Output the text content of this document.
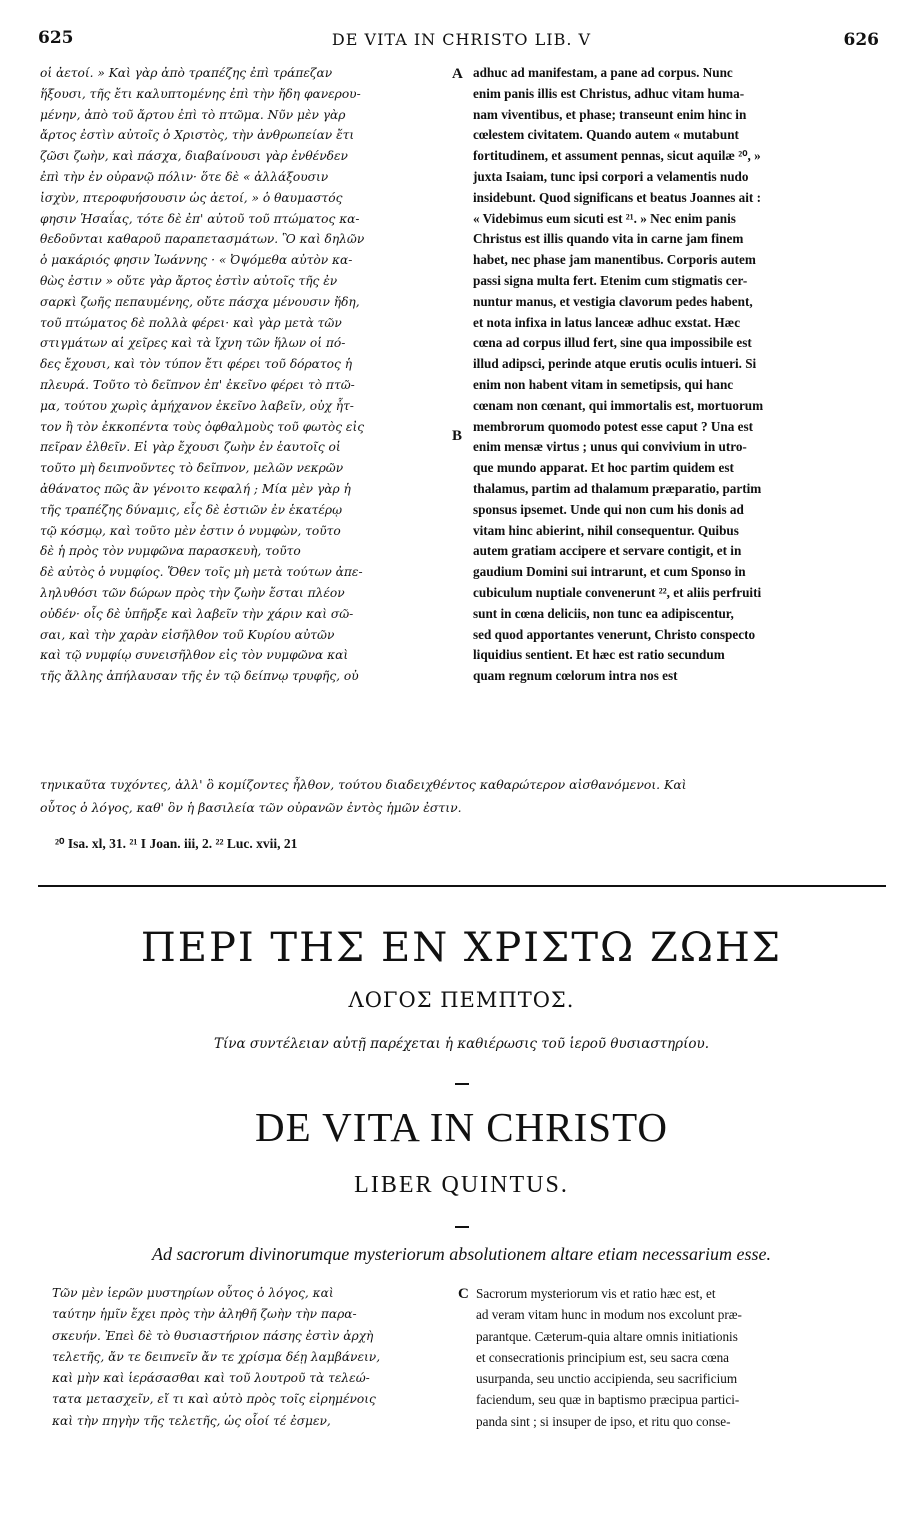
625	DE VITA IN CHRISTO LIB. V	626
οἱ ἀετοί. » Καὶ γὰρ ἀπὸ τραπέζης ἐπὶ τράπεζαν
ἥξουσι, τῆς ἔτι καλυπτομένης ἐπὶ τὴν ἤδη φανερου-
μένην, ἀπὸ τοῦ ἄρτου ἐπὶ τὸ πτῶμα. Νῦν μὲν γὰρ
ἄρτος ἐστὶν αὐτοῖς ὁ Χριστὸς, τὴν ἀνθρωπείαν ἔτι
ζῶσι ζωὴν, καὶ πάσχα, διαβαίνουσι γὰρ ἐνθένδεν
ἐπὶ τὴν ἐν οὐρανῷ πόλιν· ὅτε δὲ « ἀλλάξουσιν
ἰσχὺν, πτεροφυήσουσιν ὡς ἀετοί, » ὁ θαυμαστός
φησιν Ἡσαΐας, τότε δὲ ἐπ' αὐτοῦ τοῦ πτώματος κα-
θεδοῦνται καθαροῦ παραπετασμάτων. Ὃ καὶ δηλῶν
ὁ μακάριός φησιν Ἰωάννης · « Ὀψόμεθα αὐτὸν κα-
θὼς ἐστιν » οὔτε γὰρ ἄρτος ἐστὶν αὐτοῖς τῆς ἐν
σαρκὶ ζωῆς πεπαυμένης, οὔτε πάσχα μένουσιν ἤδη,
τοῦ πτώματος δὲ πολλὰ φέρει· καὶ γὰρ μετὰ τῶν
στιγμάτων αἱ χεῖρες καὶ τὰ ἴχνη τῶν ἥλων οἱ πό-
δες ἔχουσι, καὶ τὸν τύπον ἔτι φέρει τοῦ δόρατος ἡ
πλευρά. Τοῦτο τὸ δεῖπνον ἐπ' ἐκεῖνο φέρει τὸ πτῶ-
μα, τούτου χωρὶς ἀμήχανον ἐκεῖνο λαβεῖν, οὐχ ἧτ-
τον ἢ τὸν ἐκκοπέντα τοὺς ὀφθαλμοὺς τοῦ φωτὸς εἰς
πεῖραν ἐλθεῖν. Εἰ γὰρ ἔχουσι ζωὴν ἐν ἑαυτοῖς οἱ
τοῦτο μὴ δειπνοῦντες τὸ δεῖπνον, μελῶν νεκρῶν
ἀθάνατος πῶς ἂν γένοιτο κεφαλή ; Μία μὲν γὰρ ἡ
τῆς τραπέζης δύναμις, εἷς δὲ ἑστιῶν ἐν ἑκατέρῳ
τῷ κόσμῳ, καὶ τοῦτο μὲν ἐστιν ὁ νυμφὼν, τοῦτο
δὲ ἡ πρὸς τὸν νυμφῶνα παρασκευὴ, τοῦτο
δὲ αὐτὸς ὁ νυμφίος. Ὅθεν τοῖς μὴ μετὰ τούτων ἀπε-
ληλυθόσι τῶν δώρων πρὸς τὴν ζωὴν ἔσται πλέον
οὐδέν· οἷς δὲ ὑπῆρξε καὶ λαβεῖν τὴν χάριν καὶ σῶ-
σαι, καὶ τὴν χαρὰν εἰσῆλθον τοῦ Κυρίου αὐτῶν
καὶ τῷ νυμφίῳ συνεισῆλθον εἰς τὸν νυμφῶνα καὶ
τῆς ἄλλης ἀπήλαυσαν τῆς ἐν τῷ δείπνῳ τρυφῆς, οὐ
adhuc ad manifestam, a pane ad corpus. Nunc
enim panis illis est Christus, adhuc vitam huma-
nam viventibus, et phase; transeunt enim hinc in
cœlestem civitatem. Quando autem « mutabunt
fortitudinem, et assument pennas, sicut aquilæ ²⁰, »
juxta Isaiam, tunc ipsi corpori a velamentis nudo
insidebunt. Quod significans et beatus Joannes ait :
« Videbimus eum sicuti est ²¹. » Nec enim panis
Christus est illis quando vita in carne jam finem
habet, nec phase jam manentibus. Corporis autem
passi signa multa fert. Etenim cum stigmatis cer-
nuntur manus, et vestigia clavorum pedes habent,
et nota infixa in latus lanceæ adhuc exstat. Hæc
cœna ad corpus illud fert, sine qua impossibile est
illud adipsci, perinde atque erutis oculis intueri. Si
enim non habent vitam in semetipsis, qui hanc
cœnam non cœnant, qui immortalis est, mortuorum
membrorum quomodo potest esse caput ? Una est
enim mensæ virtus ; unus qui convivium in utro-
que mundo apparat. Et hoc partim quidem est
thalamus, partim ad thalamum præparatio, partim
sponsus ipsemet. Unde qui non cum his donis ad
vitam hinc abierint, nihil consequentur. Quibus
autem gratiam accipere et servare contigit, et in
gaudium Domini sui intrarunt, et cum Sponso in
cubiculum nuptiale convenerunt ²², et aliis perfruiti
sunt in cœna deliciis, non tunc ea adipiscentur,
sed quod apportantes venerunt, Christo conspecto
liquidius sentient. Et hæc est ratio secundum
quam regnum cœlorum intra nos est
A
B
τηνικαῦτα τυχόντες, ἀλλ' ὃ κομίζοντες ἦλθον, τούτου διαδειχθέντος καθαρώτερον αἰσθανόμενοι. Καὶ
οὗτος ὁ λόγος, καθ' ὃν ἡ βασιλεία τῶν οὐρανῶν ἐντὸς ἡμῶν ἐστιν.
²⁰ Isa. xl, 31. ²¹ I Joan. iii, 2. ²² Luc. xvii, 21
ΠΕΡΙ ΤΗΣ ΕΝ ΧΡΙΣΤΩ ΖΩΗΣ
ΛΟΓΟΣ ΠΕΜΠΤΟΣ.
Τίνα συντέλειαν αὐτῇ παρέχεται ἡ καθιέρωσις τοῦ ἱεροῦ θυσιαστηρίου.
DE VITA IN CHRISTO
LIBER QUINTUS.
Ad sacrorum divinorumque mysteriorum absolutionem altare etiam necessarium esse.
Τῶν μὲν ἱερῶν μυστηρίων οὗτος ὁ λόγος, καὶ
ταύτην ἡμῖν ἔχει πρὸς τὴν ἀληθῆ ζωὴν τὴν παρα-
σκευήν. Ἐπεὶ δὲ τὸ θυσιαστήριον πάσης ἐστὶν ἀρχὴ
τελετῆς, ἄν τε δειπνεῖν ἄν τε χρίσμα δέῃ λαμβάνειν,
καὶ μὴν καὶ ἱεράσασθαι καὶ τοῦ λουτροῦ τὰ τελεώ-
τατα μετασχεῖν, εἴ τι καὶ αὐτὸ πρὸς τοῖς εἰρημένοις
καὶ τὴν πηγὴν τῆς τελετῆς, ὡς οἷοί τέ ἐσμεν,
C Sacrorum mysteriorum vis et ratio hæc est, et
ad veram vitam hunc in modum nos excolunt præ-
parantque. Cæterum-quia altare omnis initiationis
et consecrationis principium est, seu sacra cœna
usurpanda, seu unctio accipienda, seu sacrificium
faciendum, seu quæ in baptismo præcipua partici-
panda sint ; si insuper de ipso, et ritu quo conse-
